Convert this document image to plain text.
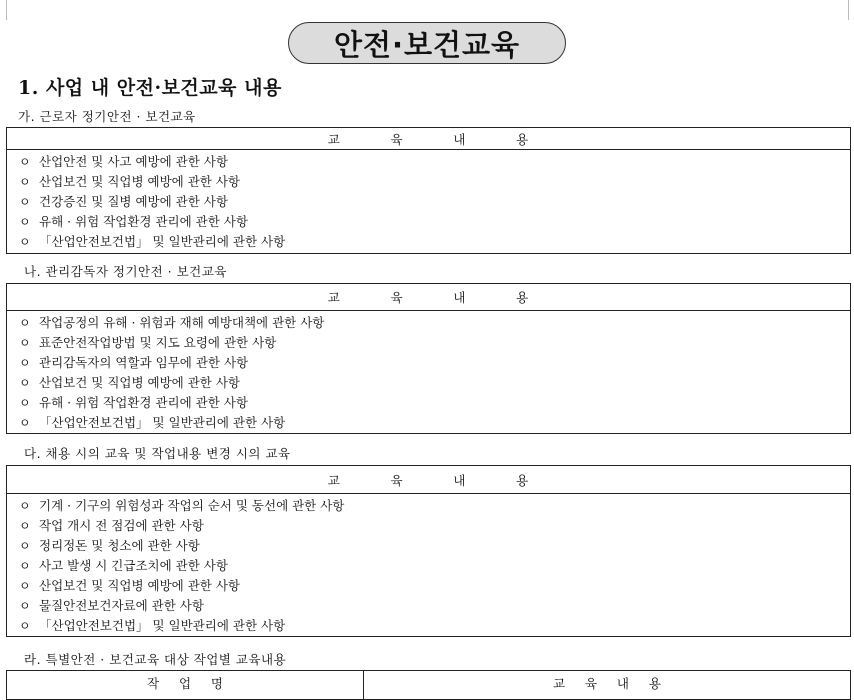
안전·보건교육
1. 사업 내 안전·보건교육 내용

가. 근로자 정기안전 · 보건교육

교          육          내          용
ㅇ 산업안전 및 사고 예방에 관한 사항
ㅇ 산업보건 및 직업병 예방에 관한 사항
ㅇ 건강증진 및 질병 예방에 관한 사항
ㅇ 유해 · 위험 작업환경 관리에 관한 사항
ㅇ 「산업안전보건법」 및 일반관리에 관한 사항

나. 관리감독자 정기안전 · 보건교육

교          육          내          용
ㅇ 작업공정의 유해 · 위험과 재해 예방대책에 관한 사항
ㅇ 표준안전작업방법 및 지도 요령에 관한 사항
ㅇ 관리감독자의 역할과 임무에 관한 사항
ㅇ 산업보건 및 직업병 예방에 관한 사항
ㅇ 유해 · 위험 작업환경 관리에 관한 사항
ㅇ 「산업안전보건법」 및 일반관리에 관한 사항

다. 채용 시의 교육 및 작업내용 변경 시의 교육

교          육          내          용
ㅇ 기계 · 기구의 위험성과 작업의 순서 및 동선에 관한 사항
ㅇ 작업 개시 전 점검에 관한 사항
ㅇ 정리정돈 및 청소에 관한 사항
ㅇ 사고 발생 시 긴급조치에 관한 사항
ㅇ 산업보건 및 직업병 예방에 관한 사항
ㅇ 물질안전보건자료에 관한 사항
ㅇ 「산업안전보건법」 및 일반관리에 관한 사항

라. 특별안전 · 보건교육 대상 작업별 교육내용

작     업     명	교     육     내     용
